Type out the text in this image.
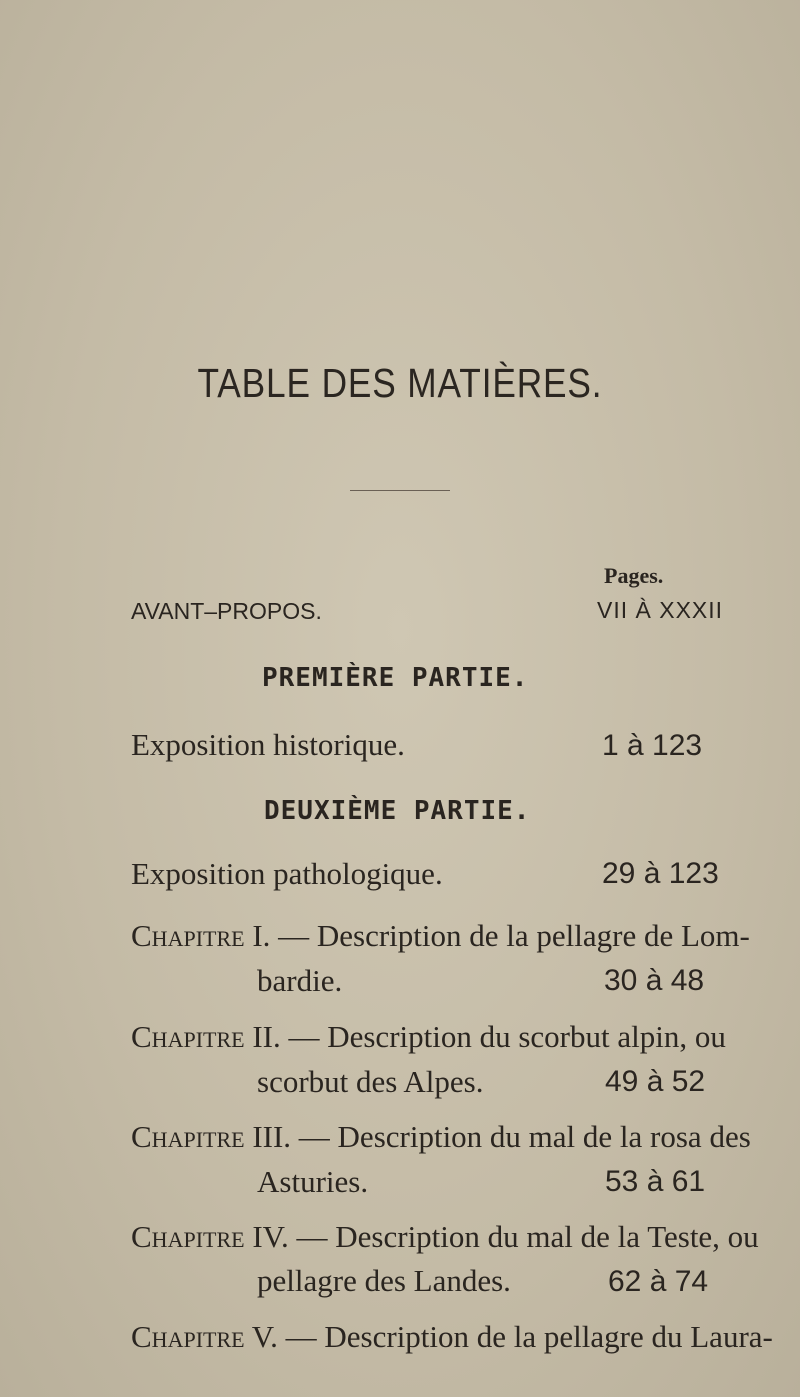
TABLE DES MATIÈRES.
Pages.
AVANT–PROPOS.	VII À XXXII
PREMIÈRE PARTIE.
Exposition historique.	1 à 123
DEUXIÈME PARTIE.
Exposition pathologique.	29 à 123
Chapitre I. — Description de la pellagre de Lom-
bardie.	30 à 48
Chapitre II. — Description du scorbut alpin, ou
scorbut des Alpes.	49 à 52
Chapitre III. — Description du mal de la rosa des
Asturies.	53 à 61
Chapitre IV. — Description du mal de la Teste, ou
pellagre des Landes.	62 à 74
Chapitre V. — Description de la pellagre du Laura-
